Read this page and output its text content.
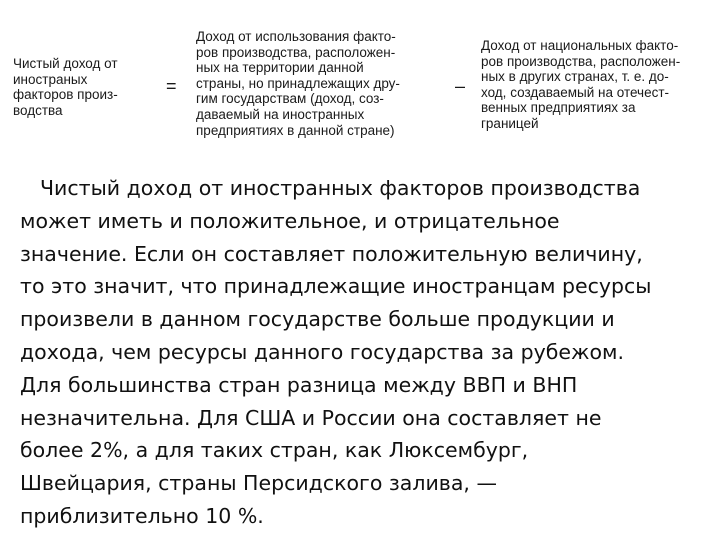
Чистый доход от
иностраных
факторов произ-
водства
=
Доход от использования факто-
ров производства, расположен-
ных на территории данной
страны, но принадлежащих дру-
гим государствам (доход, соз-
даваемый на иностранных
предприятиях в данной стране)
–
Доход от национальных факто-
ров производства, расположен-
ных в других странах, т. е. до-
ход, создаваемый на отечест-
венных предприятиях за
границей

Чистый доход от иностранных факторов производства
может иметь и положительное, и отрицательное
значение. Если он составляет положительную величину,
то это значит, что принадлежащие иностранцам ресурсы
произвели в данном государстве больше продукции и
дохода, чем ресурсы данного государства за рубежом.
Для большинства стран разница между ВВП и ВНП
незначительна. Для США и России она составляет не
более 2%, а для таких стран, как Люксембург,
Швейцария, страны Персидского залива, —
приблизительно 10 %.
